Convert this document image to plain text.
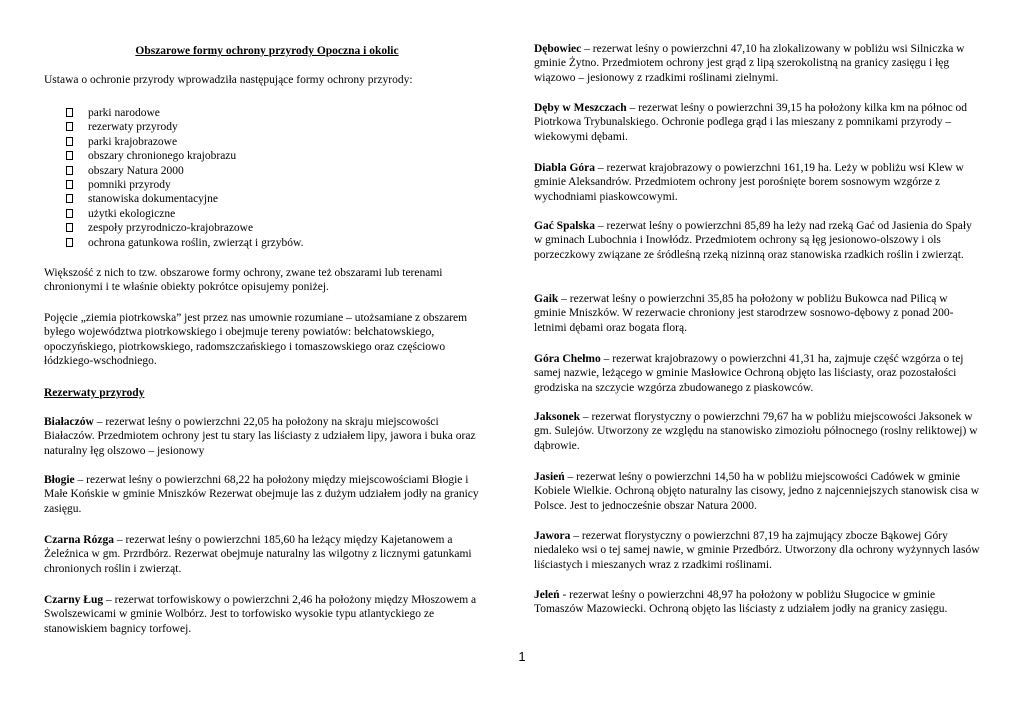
Obszarowe formy ochrony przyrody Opoczna i okolic

Ustawa o ochronie przyrody wprowadziła następujące formy ochrony przyrody:

parki narodowe
rezerwaty przyrody
parki krajobrazowe
obszary chronionego krajobrazu
obszary Natura 2000
pomniki przyrody
stanowiska dokumentacyjne
użytki ekologiczne
zespoły przyrodniczo-krajobrazowe
ochrona gatunkowa roślin, zwierząt i grzybów.

Większość z nich to tzw. obszarowe formy ochrony, zwane też obszarami lub terenami chronionymi i te właśnie obiekty pokrótce opisujemy poniżej.

Pojęcie „ziemia piotrkowska” jest przez nas umownie rozumiane – utożsamiane z obszarem byłego województwa piotrkowskiego i obejmuje tereny powiatów: bełchatowskiego, opoczyńskiego, piotrkowskiego, radomszczańskiego i tomaszowskiego oraz częściowo łódzkiego-wschodniego.

Rezerwaty przyrody

Białaczów – rezerwat leśny o powierzchni 22,05 ha położony na skraju miejscowości Białaczów. Przedmiotem ochrony jest tu stary las liściasty z udziałem lipy, jawora i buka oraz naturalny łęg olszowo – jesionowy

Błogie – rezerwat leśny o powierzchni 68,22 ha położony między miejscowościami Błogie i Małe Końskie w gminie Mniszków Rezerwat obejmuje las z dużym udziałem jodły na granicy zasięgu.

Czarna Rózga – rezerwat leśny o powierzchni 185,60 ha leżący między Kajetanowem a Żeleźnica w gm. Przrdbórz. Rezerwat obejmuje naturalny las wilgotny z licznymi gatunkami chronionych roślin i zwierząt.

Czarny Ług – rezerwat torfowiskowy o powierzchni 2,46 ha położony między Młoszowem a Swolszewicami w gminie Wolbórz. Jest to torfowisko wysokie typu atlantyckiego ze stanowiskiem bagnicy torfowej.

Dębowiec – rezerwat leśny o powierzchni 47,10 ha zlokalizowany w pobliżu wsi Silniczka w gminie Żytno. Przedmiotem ochrony jest grąd z lipą szerokolistną na granicy zasięgu i łęg wiązowo – jesionowy z rzadkimi roślinami zielnymi.

Dęby w Meszczach – rezerwat leśny o powierzchni 39,15 ha położony kilka km na północ od Piotrkowa Trybunalskiego. Ochronie podlega grąd i las mieszany z pomnikami przyrody – wiekowymi dębami.

Diabla Góra – rezerwat krajobrazowy o powierzchni 161,19 ha. Leży w pobliżu wsi Klew w gminie Aleksandrów. Przedmiotem ochrony jest porośnięte borem sosnowym wzgórze z wychodniami piaskowcowymi.

Gać Spalska – rezerwat leśny o powierzchni 85,89 ha leży nad rzeką Gać od Jasienia do Spały w gminach Lubochnia i Inowłódz. Przedmiotem ochrony są łęg jesionowo-olszowy i ols porzeczkowy związane ze śródleśną rzeką nizinną oraz stanowiska rzadkich roślin i zwierząt.

Gaik – rezerwat leśny o powierzchni 35,85 ha położony w pobliżu Bukowca nad Pilicą w gminie Mniszków. W rezerwacie chroniony jest starodrzew sosnowo-dębowy z ponad 200-letnimi dębami oraz bogata florą.

Góra Chełmo – rezerwat krajobrazowy o powierzchni 41,31 ha, zajmuje część wzgórza o tej samej nazwie, leżącego w gminie Masłowice Ochroną objęto las liściasty, oraz pozostałości grodziska na szczycie wzgórza zbudowanego z piaskowców.

Jaksonek – rezerwat florystyczny o powierzchni 79,67 ha w pobliżu miejscowości Jaksonek w gm. Sulejów. Utworzony ze względu na stanowisko zimoziołu północnego (roslny reliktowej) w dąbrowie.

Jasień – rezerwat leśny o powierzchni 14,50 ha w pobliżu miejscowości Cadówek w gminie Kobiele Wielkie. Ochroną objęto naturalny las cisowy, jedno z najcenniejszych stanowisk cisa w Polsce. Jest to jednocześnie obszar Natura 2000.

Jawora – rezerwat florystyczny o powierzchni 87,19 ha zajmujący zbocze Bąkowej Góry niedaleko wsi o tej samej nawie, w gminie Przedbórz. Utworzony dla ochrony wyżynnych lasów liściastych i mieszanych wraz z rzadkimi roślinami.

Jeleń - rezerwat leśny o powierzchni 48,97 ha położony w pobliżu Sługocice w gminie Tomaszów Mazowiecki. Ochroną objęto las liściasty z udziałem jodły na granicy zasięgu.

1
